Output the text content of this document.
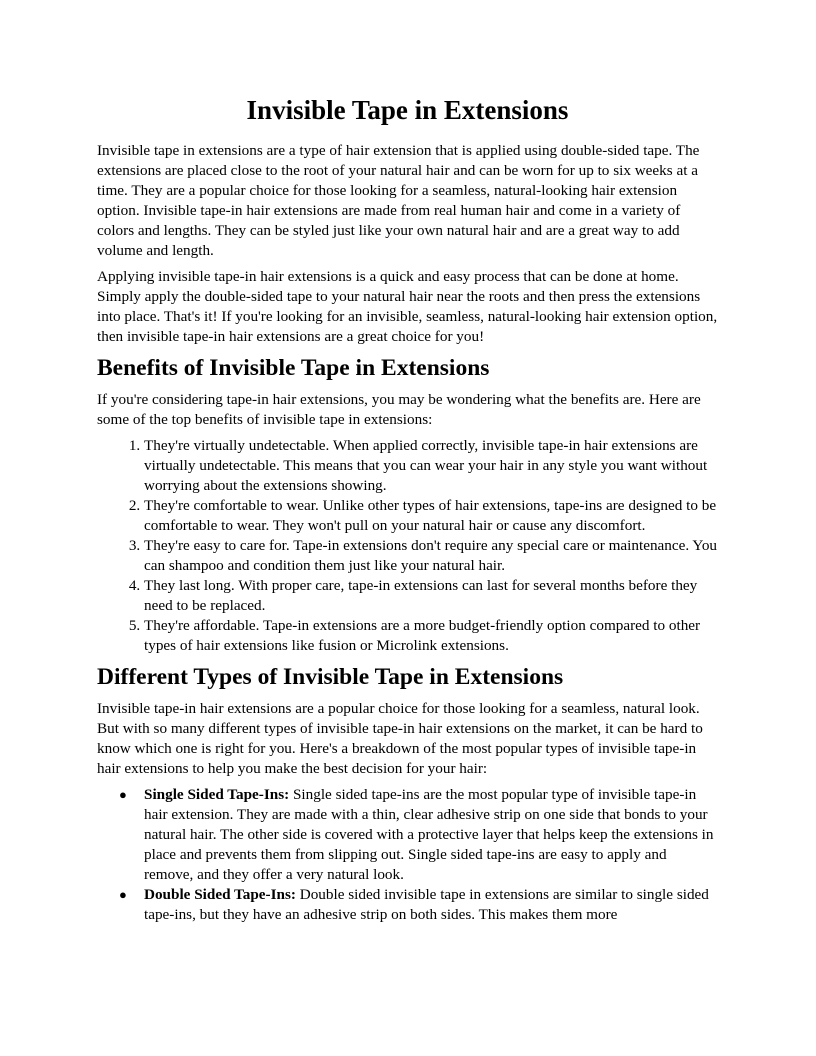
Invisible Tape in Extensions

Invisible tape in extensions are a type of hair extension that is applied using double-sided tape. The extensions are placed close to the root of your natural hair and can be worn for up to six weeks at a time. They are a popular choice for those looking for a seamless, natural-looking hair extension option. Invisible tape-in hair extensions are made from real human hair and come in a variety of colors and lengths. They can be styled just like your own natural hair and are a great way to add volume and length.

Applying invisible tape-in hair extensions is a quick and easy process that can be done at home. Simply apply the double-sided tape to your natural hair near the roots and then press the extensions into place. That's it! If you're looking for an invisible, seamless, natural-looking hair extension option, then invisible tape-in hair extensions are a great choice for you!

Benefits of Invisible Tape in Extensions

If you're considering tape-in hair extensions, you may be wondering what the benefits are. Here are some of the top benefits of invisible tape in extensions:

1. They're virtually undetectable. When applied correctly, invisible tape-in hair extensions are virtually undetectable. This means that you can wear your hair in any style you want without worrying about the extensions showing.
2. They're comfortable to wear. Unlike other types of hair extensions, tape-ins are designed to be comfortable to wear. They won't pull on your natural hair or cause any discomfort.
3. They're easy to care for. Tape-in extensions don't require any special care or maintenance. You can shampoo and condition them just like your natural hair.
4. They last long. With proper care, tape-in extensions can last for several months before they need to be replaced.
5. They're affordable. Tape-in extensions are a more budget-friendly option compared to other types of hair extensions like fusion or Microlink extensions.
Different Types of Invisible Tape in Extensions

Invisible tape-in hair extensions are a popular choice for those looking for a seamless, natural look. But with so many different types of invisible tape-in hair extensions on the market, it can be hard to know which one is right for you. Here's a breakdown of the most popular types of invisible tape-in hair extensions to help you make the best decision for your hair:

● Single Sided Tape-Ins: Single sided tape-ins are the most popular type of invisible tape-in hair extension. They are made with a thin, clear adhesive strip on one side that bonds to your natural hair. The other side is covered with a protective layer that helps keep the extensions in place and prevents them from slipping out. Single sided tape-ins are easy to apply and remove, and they offer a very natural look.
● Double Sided Tape-Ins: Double sided invisible tape in extensions are similar to single sided tape-ins, but they have an adhesive strip on both sides. This makes them more
